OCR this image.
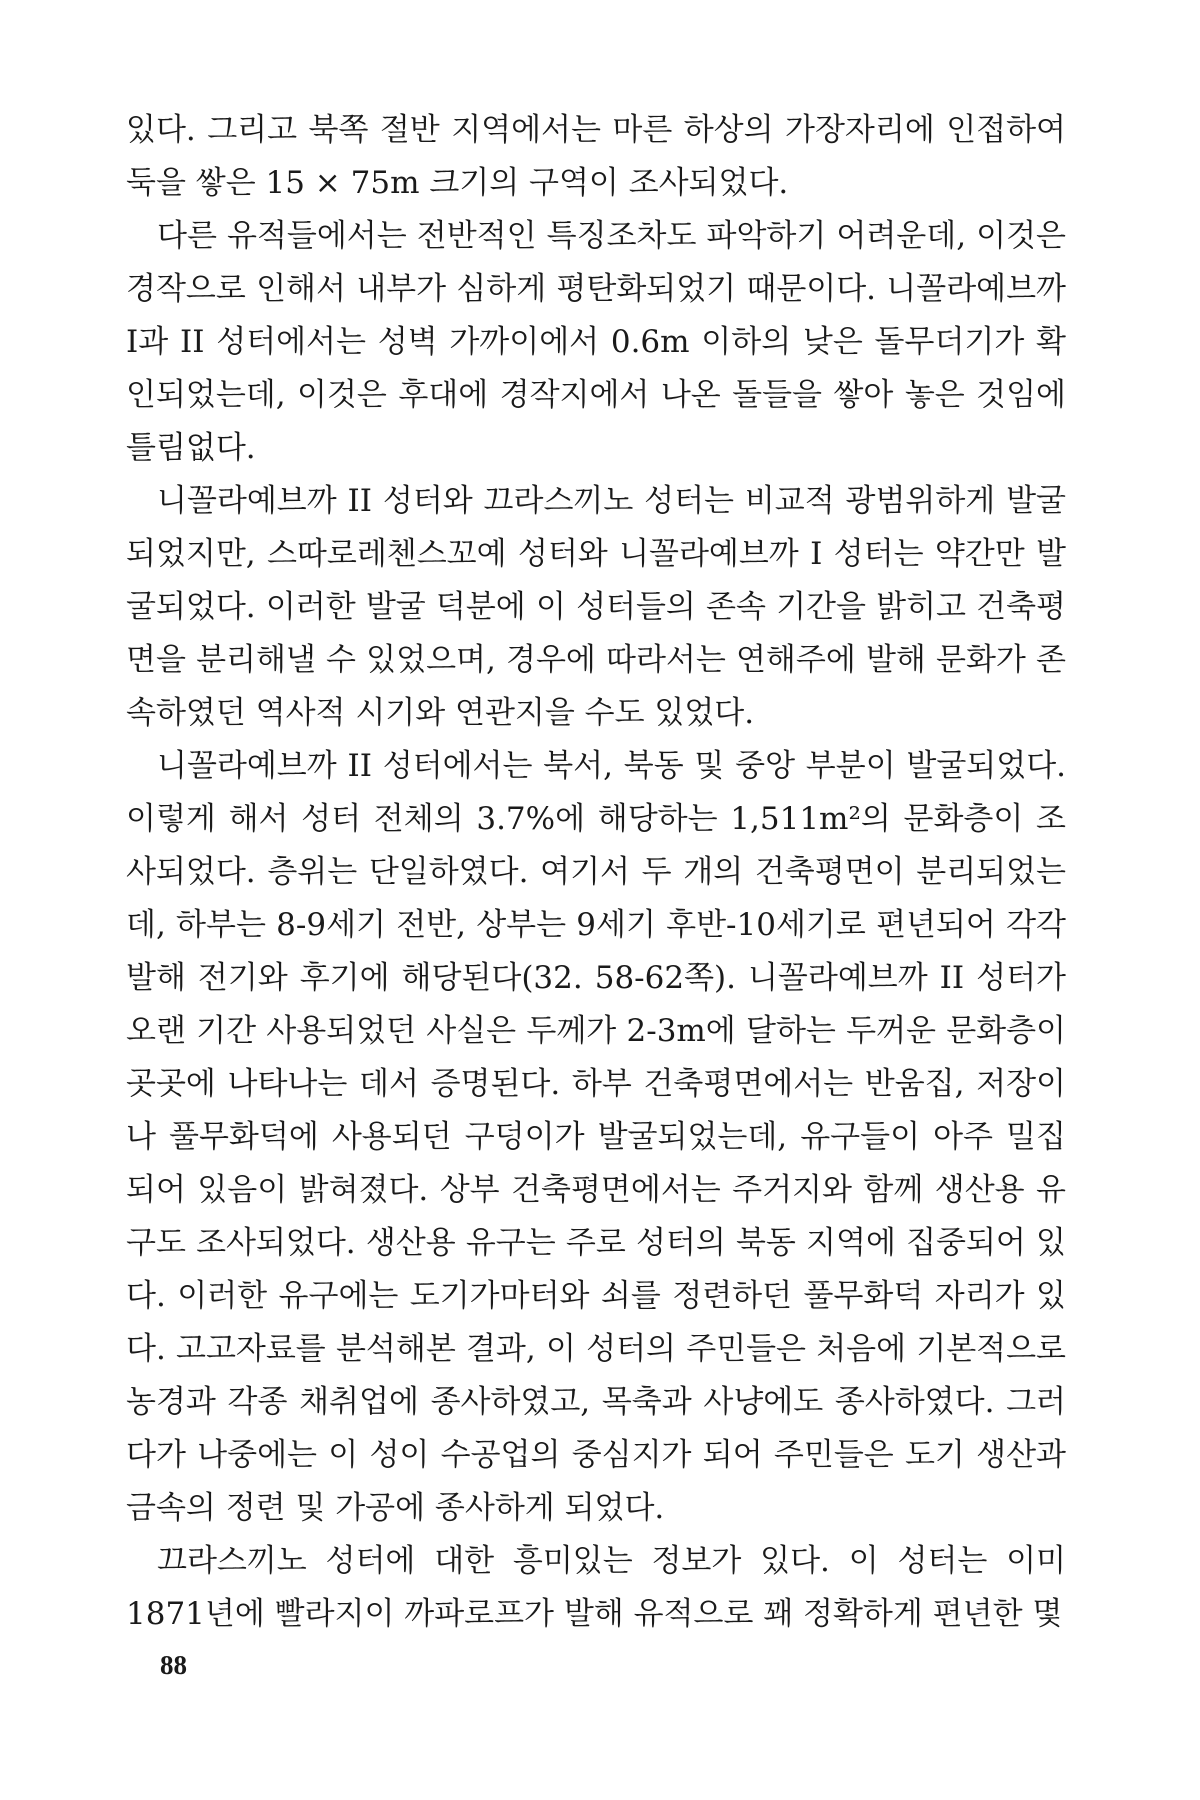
있다. 그리고 북쪽 절반 지역에서는 마른 하상의 가장자리에 인접하여 둑을 쌓은 15 × 75m 크기의 구역이 조사되었다.

다른 유적들에서는 전반적인 특징조차도 파악하기 어려운데, 이것은 경작으로 인해서 내부가 심하게 평탄화되었기 때문이다. 니꼴라예브까 I과 II 성터에서는 성벽 가까이에서 0.6m 이하의 낮은 돌무더기가 확인되었는데, 이것은 후대에 경작지에서 나온 돌들을 쌓아 놓은 것임에 틀림없다.

니꼴라예브까 II 성터와 끄라스끼노 성터는 비교적 광범위하게 발굴되었지만, 스따로레첸스꼬예 성터와 니꼴라예브까 I 성터는 약간만 발굴되었다. 이러한 발굴 덕분에 이 성터들의 존속 기간을 밝히고 건축평면을 분리해낼 수 있었으며, 경우에 따라서는 연해주에 발해 문화가 존속하였던 역사적 시기와 연관지을 수도 있었다.

니꼴라예브까 II 성터에서는 북서, 북동 및 중앙 부분이 발굴되었다. 이렇게 해서 성터 전체의 3.7%에 해당하는 1,511m²의 문화층이 조사되었다. 층위는 단일하였다. 여기서 두 개의 건축평면이 분리되었는데, 하부는 8-9세기 전반, 상부는 9세기 후반-10세기로 편년되어 각각 발해 전기와 후기에 해당된다(32. 58-62쪽). 니꼴라예브까 II 성터가 오랜 기간 사용되었던 사실은 두께가 2-3m에 달하는 두꺼운 문화층이 곳곳에 나타나는 데서 증명된다. 하부 건축평면에서는 반움집, 저장이나 풀무화덕에 사용되던 구덩이가 발굴되었는데, 유구들이 아주 밀집되어 있음이 밝혀졌다. 상부 건축평면에서는 주거지와 함께 생산용 유구도 조사되었다. 생산용 유구는 주로 성터의 북동 지역에 집중되어 있다. 이러한 유구에는 도기가마터와 쇠를 정련하던 풀무화덕 자리가 있다. 고고자료를 분석해본 결과, 이 성터의 주민들은 처음에 기본적으로 농경과 각종 채취업에 종사하였고, 목축과 사냥에도 종사하였다. 그러다가 나중에는 이 성이 수공업의 중심지가 되어 주민들은 도기 생산과 금속의 정련 및 가공에 종사하게 되었다.

끄라스끼노 성터에 대한 흥미있는 정보가 있다. 이 성터는 이미 1871년에 빨라지이 까파로프가 발해 유적으로 꽤 정확하게 편년한 몇

88
